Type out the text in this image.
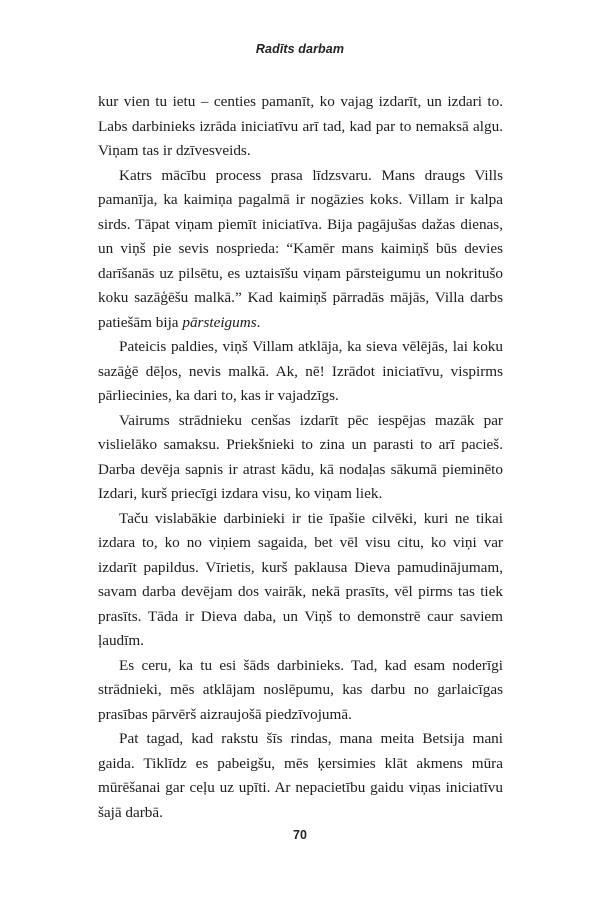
Radīts darbam

kur vien tu ietu – centies pamanīt, ko vajag izdarīt, un izdari to. Labs darbinieks izrāda iniciatīvu arī tad, kad par to nemaksā algu. Viņam tas ir dzīvesveids.

Katrs mācību process prasa līdzsvaru. Mans draugs Vills pamanīja, ka kaimiņa pagalmā ir nogāzies koks. Villam ir kalpa sirds. Tāpat viņam piemīt iniciatīva. Bija pagājušas dažas dienas, un viņš pie sevis nosprieda: “Kamēr mans kaimiņš būs devies darīšanās uz pilsētu, es uztaisīšu viņam pārsteigumu un nokritušo koku sazāģēšu malkā.” Kad kaimiņš pārradās mājās, Villa darbs patiešām bija pārsteigums.

Pateicis paldies, viņš Villam atklāja, ka sieva vēlējās, lai koku sazāģē dēļos, nevis malkā. Ak, nē! Izrādot iniciatīvu, vispirms pārliecinies, ka dari to, kas ir vajadzīgs.

Vairums strādnieku cenšas izdarīt pēc iespējas mazāk par vislielāko samaksu. Priekšnieki to zina un parasti to arī pacieš. Darba devēja sapnis ir atrast kādu, kā nodaļas sākumā pieminēto Izdari, kurš priecīgi izdara visu, ko viņam liek.

Taču vislabākie darbinieki ir tie īpašie cilvēki, kuri ne tikai izdara to, ko no viņiem sagaida, bet vēl visu citu, ko viņi var izdarīt papildus. Vīrietis, kurš paklausa Dieva pamudinājumam, savam darba devējam dos vairāk, nekā prasīts, vēl pirms tas tiek prasīts. Tāda ir Dieva daba, un Viņš to demonstrē caur saviem ļaudīm.

Es ceru, ka tu esi šāds darbinieks. Tad, kad esam noderīgi strādnieki, mēs atklājam noslēpumu, kas darbu no garlaicīgas prasības pārvērš aizraujošā piedzīvojumā.

Pat tagad, kad rakstu šīs rindas, mana meita Betsija mani gaida. Tiklīdz es pabeigšu, mēs ķersimies klāt akmens mūra mūrēšanai gar ceļu uz upīti. Ar nepacietību gaidu viņas iniciatīvu šajā darbā.

70
